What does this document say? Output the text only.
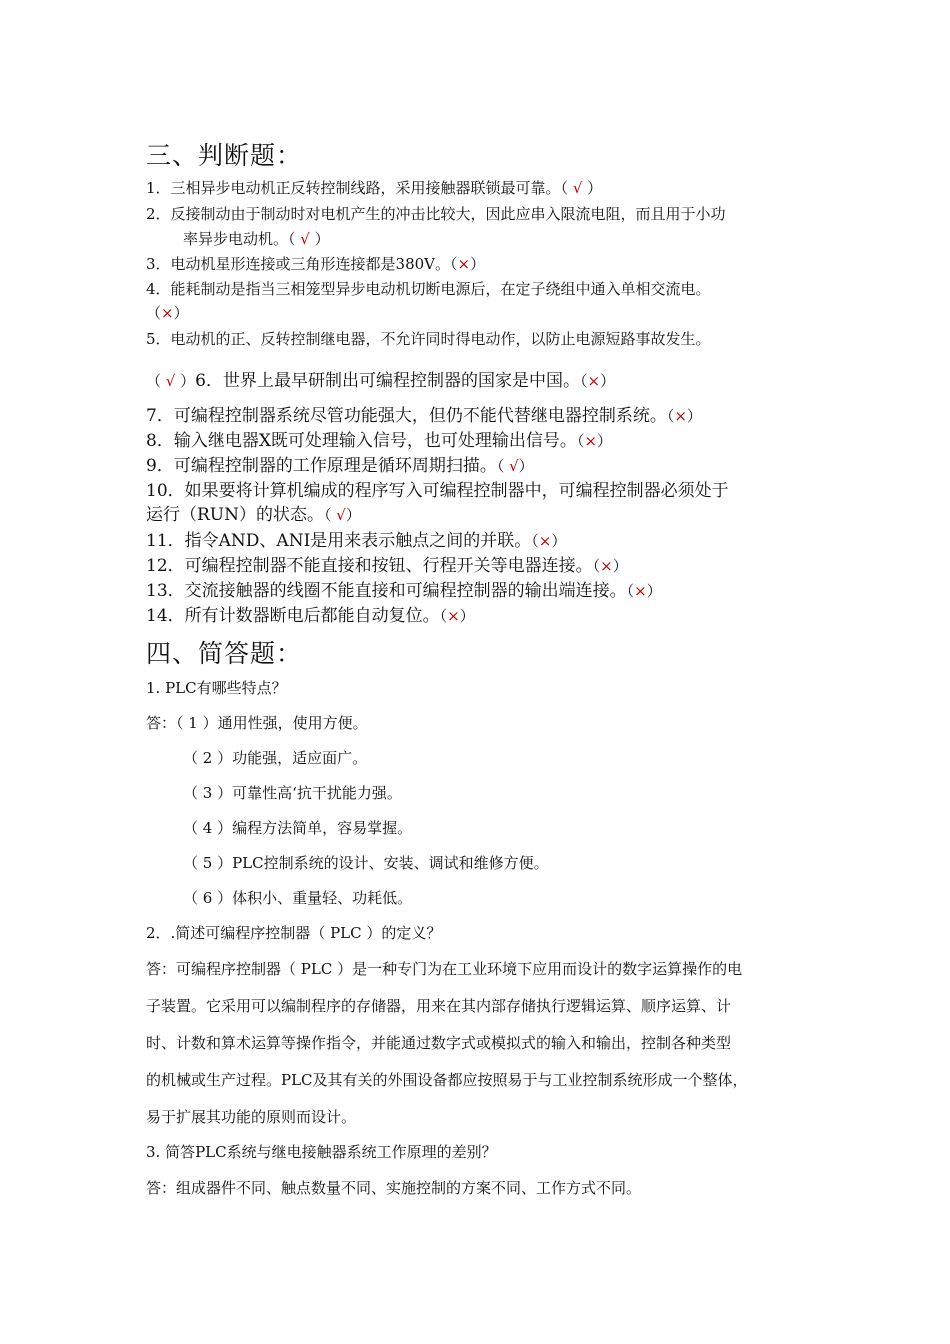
三、判断题：
1．三相异步电动机正反转控制线路，采用接触器联锁最可靠。（ √ ）
2．反接制动由于制动时对电机产生的冲击比较大，因此应串入限流电阻，而且用于小功
率异步电动机。（ √ ）
3．电动机星形连接或三角形连接都是380V。（×）
4．能耗制动是指当三相笼型异步电动机切断电源后，在定子绕组中通入单相交流电。
（×）
5．电动机的正、反转控制继电器，不允许同时得电动作，以防止电源短路事故发生。
（ √ ）6．世界上最早研制出可编程控制器的国家是中国。（×）
7．可编程控制器系统尽管功能强大，但仍不能代替继电器控制系统。（×）
8．输入继电器X既可处理输入信号，也可处理输出信号。（×）
9．可编程控制器的工作原理是循环周期扫描。（ √）
10．如果要将计算机编成的程序写入可编程控制器中，可编程控制器必须处于
运行（RUN）的状态。（ √）
11．指令AND、ANI是用来表示触点之间的并联。（×）
12．可编程控制器不能直接和按钮、行程开关等电器连接。（×）
13．交流接触器的线圈不能直接和可编程控制器的输出端连接。（×）
14．所有计数器断电后都能自动复位。（×）
四、简答题：
1. PLC有哪些特点？
答：（ 1 ）通用性强，使用方便。
（ 2 ）功能强，适应面广。
（ 3 ）可靠性高‘抗干扰能力强。
（ 4 ）编程方法简单，容易掌握。
（ 5 ）PLC控制系统的设计、安装、调试和维修方便。
（ 6 ）体积小、重量轻、功耗低。
2．.简述可编程序控制器（ PLC ）的定义？
答：可编程序控制器（ PLC ）是一种专门为在工业环境下应用而设计的数字运算操作的电
子装置。它采用可以编制程序的存储器，用来在其内部存储执行逻辑运算、顺序运算、计
时、计数和算术运算等操作指令，并能通过数字式或模拟式的输入和输出，控制各种类型
的机械或生产过程。PLC及其有关的外围设备都应按照易于与工业控制系统形成一个整体，
易于扩展其功能的原则而设计。
3. 简答PLC系统与继电接触器系统工作原理的差别？
答：组成器件不同、触点数量不同、实施控制的方案不同、工作方式不同。
